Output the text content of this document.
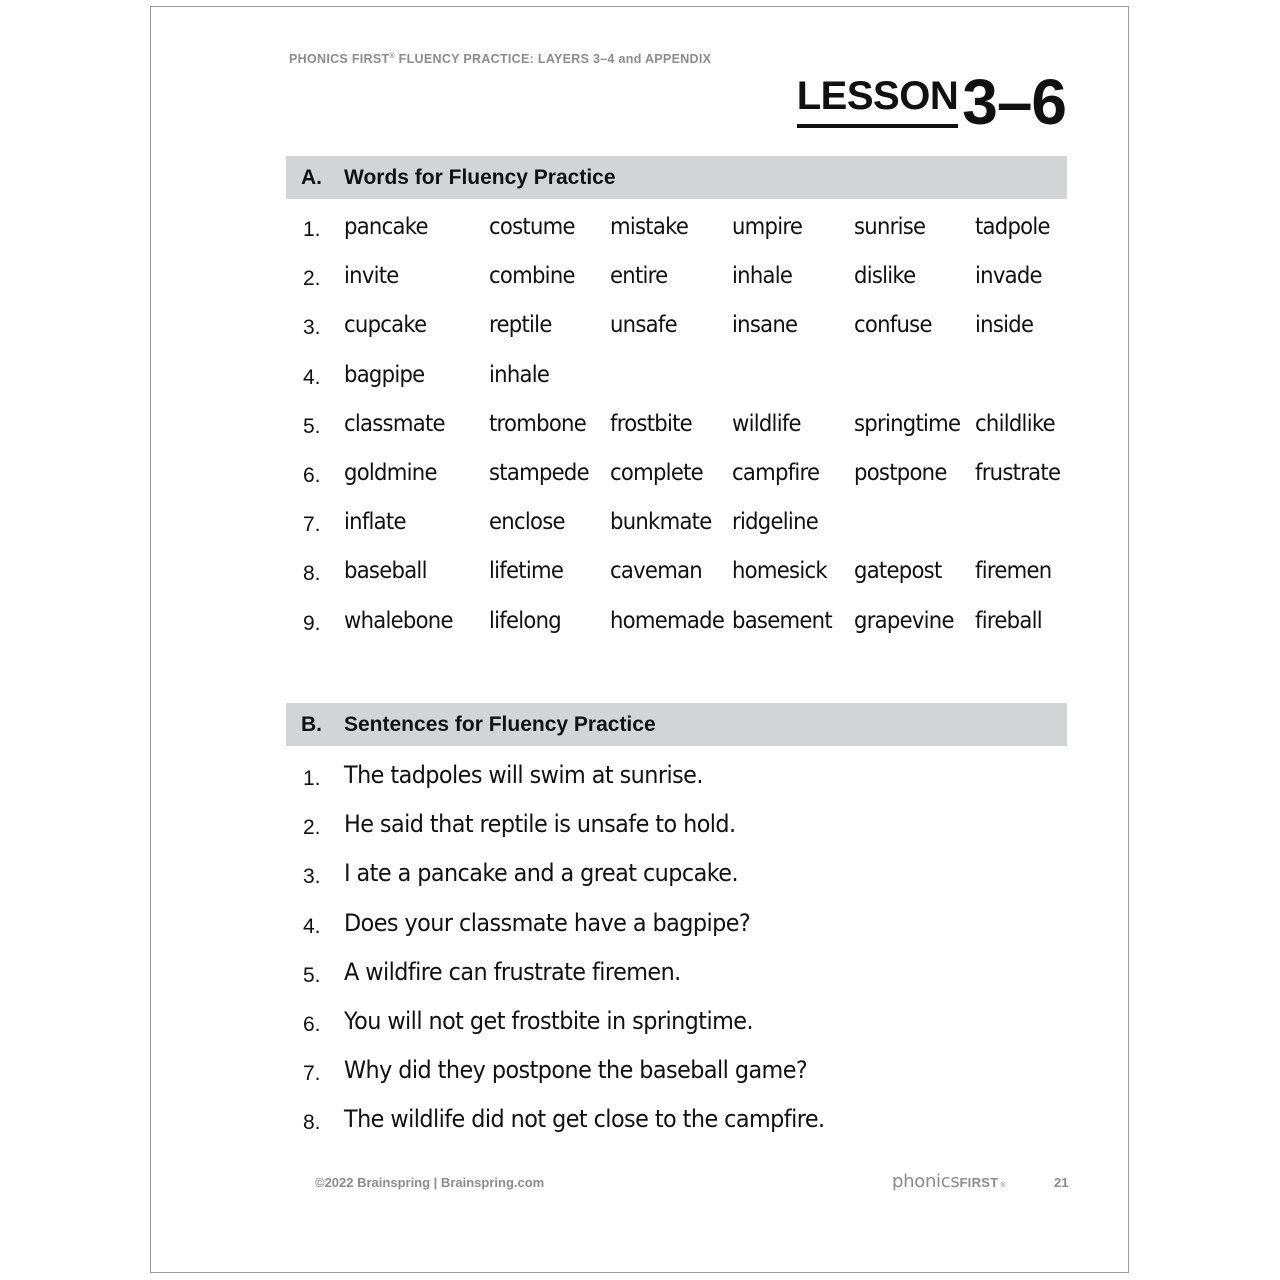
PHONICS FIRST® FLUENCY PRACTICE: LAYERS 3–4 and APPENDIX
LESSON 3–6
A.	Words for Fluency Practice
1. pancake	costume mistake umpire sunrise tadpole
2. invite	combine entire	inhale	dislike	invade
3. cupcake	reptile	unsafe insane confuse inside
4. bagpipe	inhale
5. classmate trombone frostbite wildlife springtime childlike
6. goldmine stampede complete campfire postpone frustrate
7. inflate	enclose bunkmate ridgeline
8. baseball	lifetime caveman homesick gatepost firemen
9. whalebone lifelong homemade basement grapevine fireball
B.	Sentences for Fluency Practice
1. The tadpoles will swim at sunrise.
2. He said that reptile is unsafe to hold.
3. I ate a pancake and a great cupcake.
4. Does your classmate have a bagpipe?
5. A wildfire can frustrate firemen.
6. You will not get frostbite in springtime.
7. Why did they postpone the baseball game?
8. The wildlife did not get close to the campfire.
©2022 Brainspring | Brainspring.com	phonics FIRST ®	21
